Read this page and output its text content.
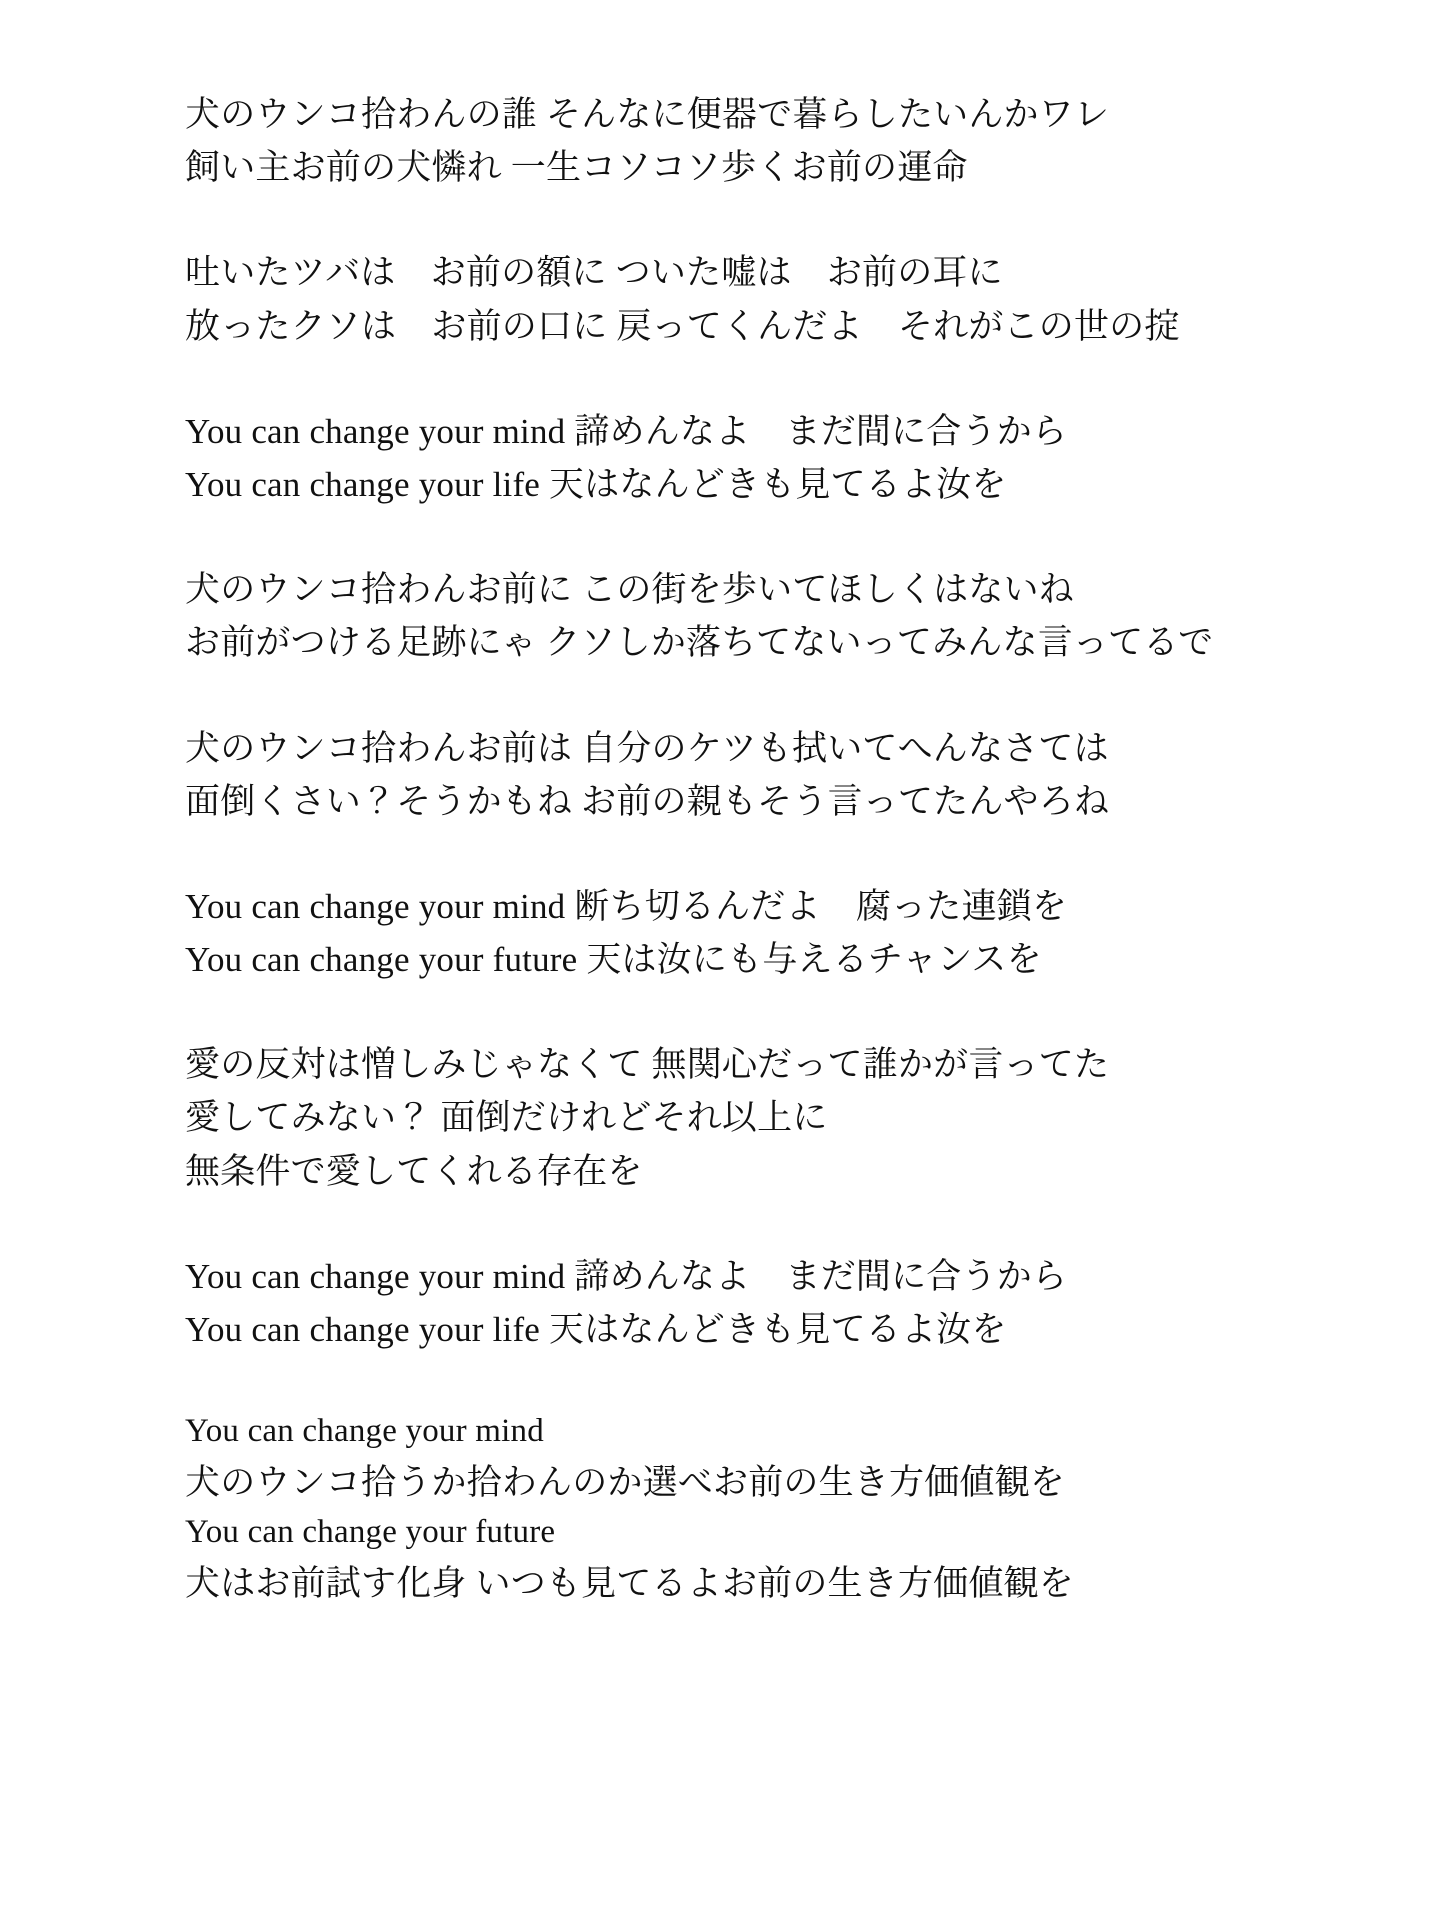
犬のウンコ拾わんの誰 そんなに便器で暮らしたいんかワレ
飼い主お前の犬憐れ 一生コソコソ歩くお前の運命
吐いたツバは　お前の額に ついた嘘は　お前の耳に
放ったクソは　お前の口に 戻ってくんだよ　それがこの世の掟
You can change your mind 諦めんなよ　まだ間に合うから
You can change your life 天はなんどきも見てるよ汝を
犬のウンコ拾わんお前に この街を歩いてほしくはないね
お前がつける足跡にゃ クソしか落ちてないってみんな言ってるで
犬のウンコ拾わんお前は 自分のケツも拭いてへんなさては
面倒くさい？そうかもね お前の親もそう言ってたんやろね
You can change your mind 断ち切るんだよ　腐った連鎖を
You can change your future 天は汝にも与えるチャンスを
愛の反対は憎しみじゃなくて 無関心だって誰かが言ってた
愛してみない？ 面倒だけれどそれ以上に
無条件で愛してくれる存在を
You can change your mind 諦めんなよ　まだ間に合うから
You can change your life 天はなんどきも見てるよ汝を
You can change your mind
犬のウンコ拾うか拾わんのか選べお前の生き方価値観を
You can change your future
犬はお前試す化身 いつも見てるよお前の生き方価値観を
